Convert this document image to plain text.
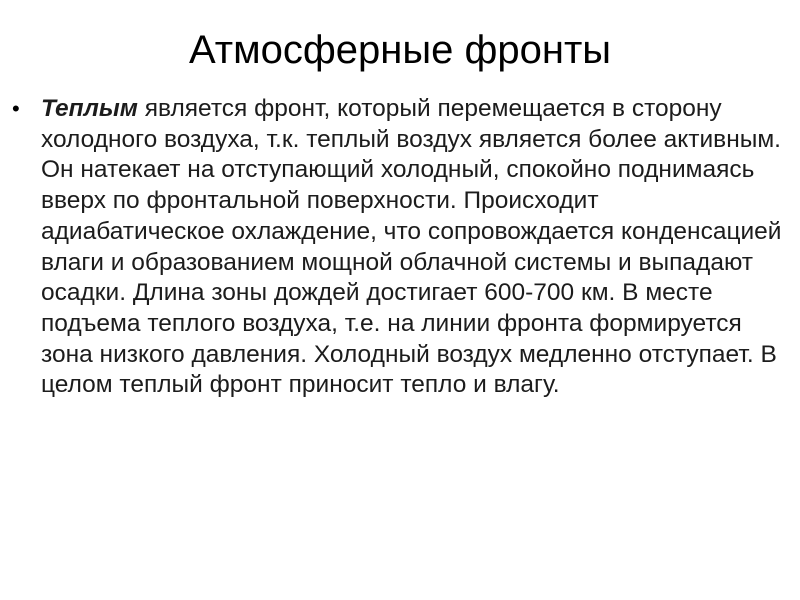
Атмосферные фронты
• Теплым является фронт, который перемещается в сторону холодного воздуха, т.к. теплый воздух является более активным. Он натекает на отступающий холодный, спокойно поднимаясь вверх по фронтальной поверхности. Происходит адиабатическое охлаждение, что сопровождается конденсацией влаги и образованием мощной облачной системы и выпадают осадки. Длина зоны дождей достигает 600-700 км. В месте подъема теплого воздуха, т.е. на линии фронта формируется зона низкого давления. Холодный воздух медленно отступает. В целом теплый фронт приносит тепло и влагу.
